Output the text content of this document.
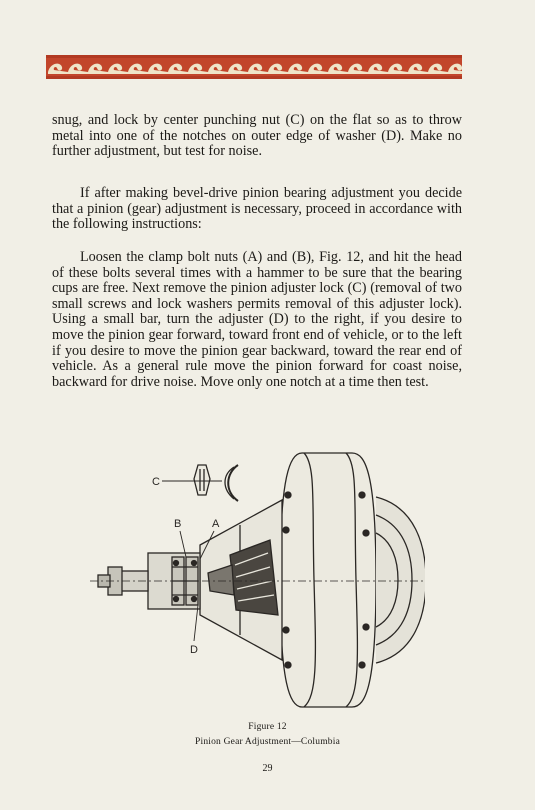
snug, and lock by center punching nut (C) on the flat so as to throw metal into one of the notches on outer edge of washer (D). Make no further adjustment, but test for noise.

If after making bevel-drive pinion bearing adjustment you decide that a pinion (gear) adjustment is necessary, proceed in accordance with the following instructions:

Loosen the clamp bolt nuts (A) and (B), Fig. 12, and hit the head of these bolts several times with a hammer to be sure that the bearing cups are free. Next remove the pinion adjuster lock (C) (removal of two small screws and lock washers permits removal of this adjuster lock). Using a small bar, turn the adjuster (D) to the right, if you desire to move the pinion gear forward, toward front end of vehicle, or to the left if you desire to move the pinion gear backward, toward the rear end of vehicle. As a general rule move the pinion forward for coast noise, backward for drive noise. Move only one notch at a time then test.

C
B	A
D
Figure 12
Pinion Gear Adjustment—Columbia
29
